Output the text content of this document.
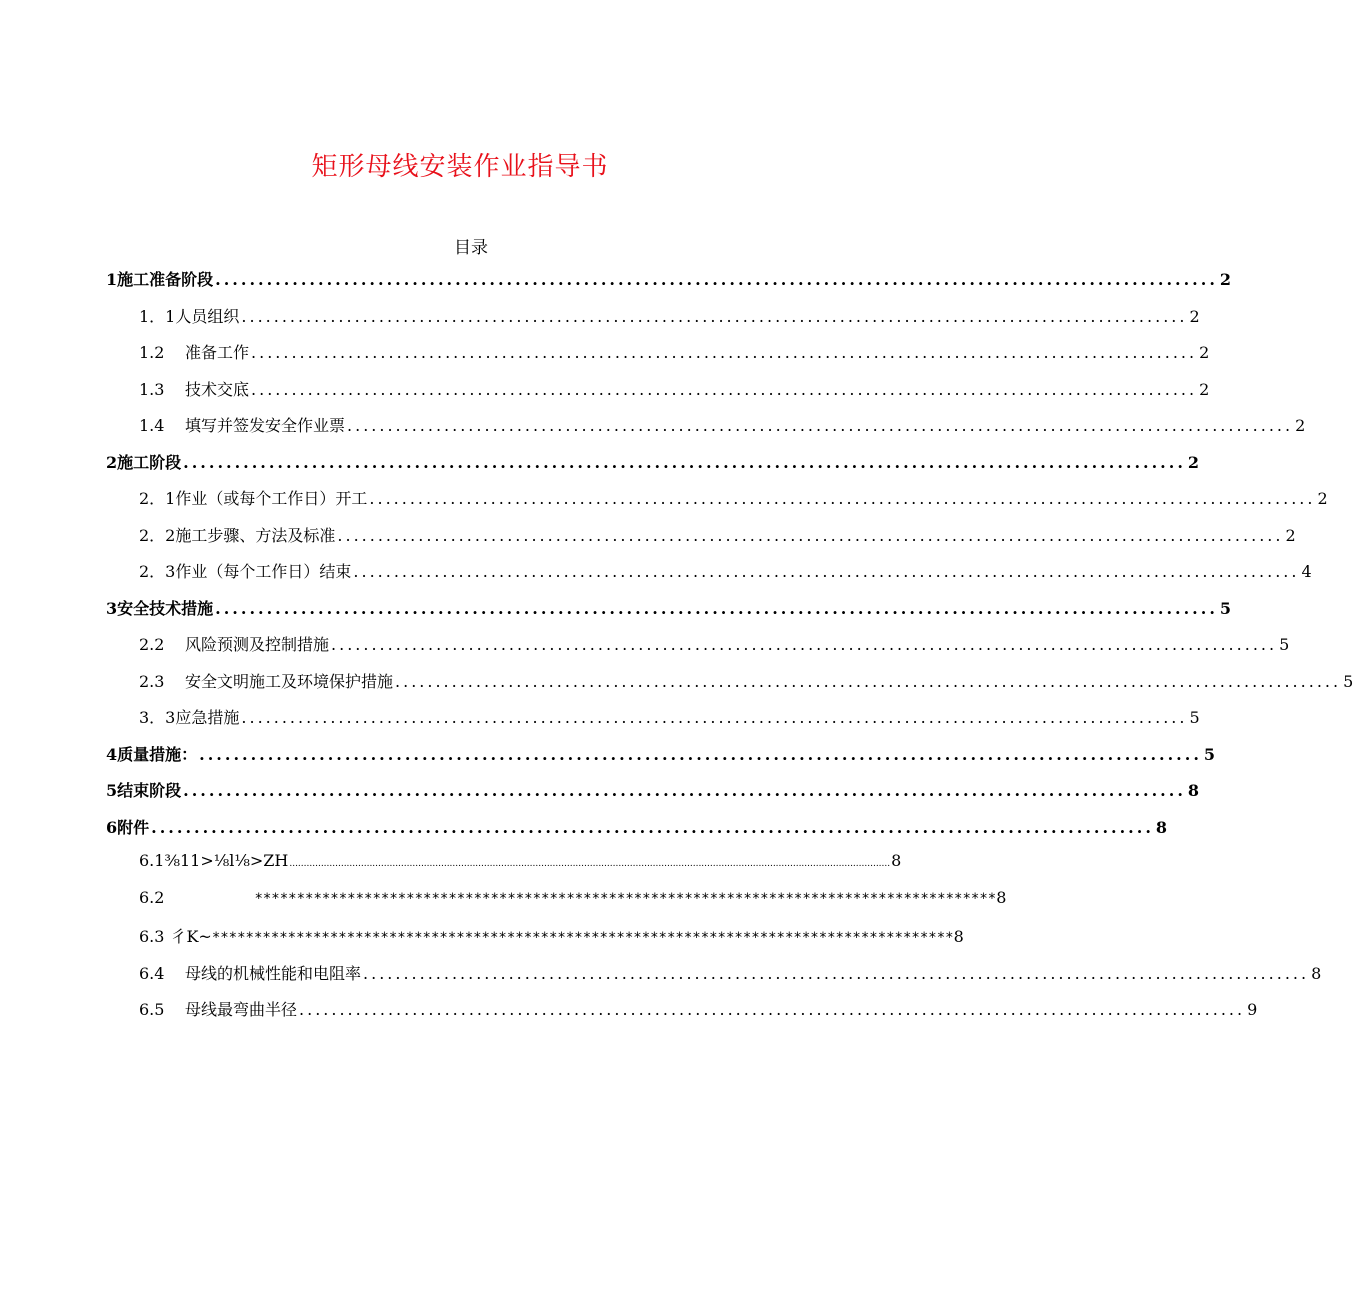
矩形母线安装作业指导书
目录
1 施工准备阶段 ..................................................................................................................... 2
1．1 人员组织 ..................................................................................................................... 2
1.2	准备工作 ..................................................................................................................... 2
1.3	技术交底 ..................................................................................................................... 2
1.4	填写并签发安全作业票 ..................................................................................................................... 2
2 施工阶段 ..................................................................................................................... 2
2．1 作业（或每个工作日）开工 ..................................................................................................................... 2
2．2 施工步骤、方法及标准 ..................................................................................................................... 2
2．3 作业（每个工作日）结束 ..................................................................................................................... 4
3 安全技术措施 ..................................................................................................................... 5
2.2	风险预测及控制措施 ..................................................................................................................... 5
2.3	安全文明施工及环境保护措施 ..................................................................................................................... 5
3．3 应急措施 ..................................................................................................................... 5
4 质量措施： ..................................................................................................................... 5
5 结束阶段 ..................................................................................................................... 8
6 附件 ..................................................................................................................... 8
6.1 ⅜11>⅛l⅛>ZH .................................................................................................................................................................................................................. 8
6.2	**************************************************************************************** 8
6.3 彳K~ **************************************************************************************** 8
6.4	母线的机械性能和电阻率 ..................................................................................................................... 8
6.5	母线最弯曲半径 ..................................................................................................................... 9
